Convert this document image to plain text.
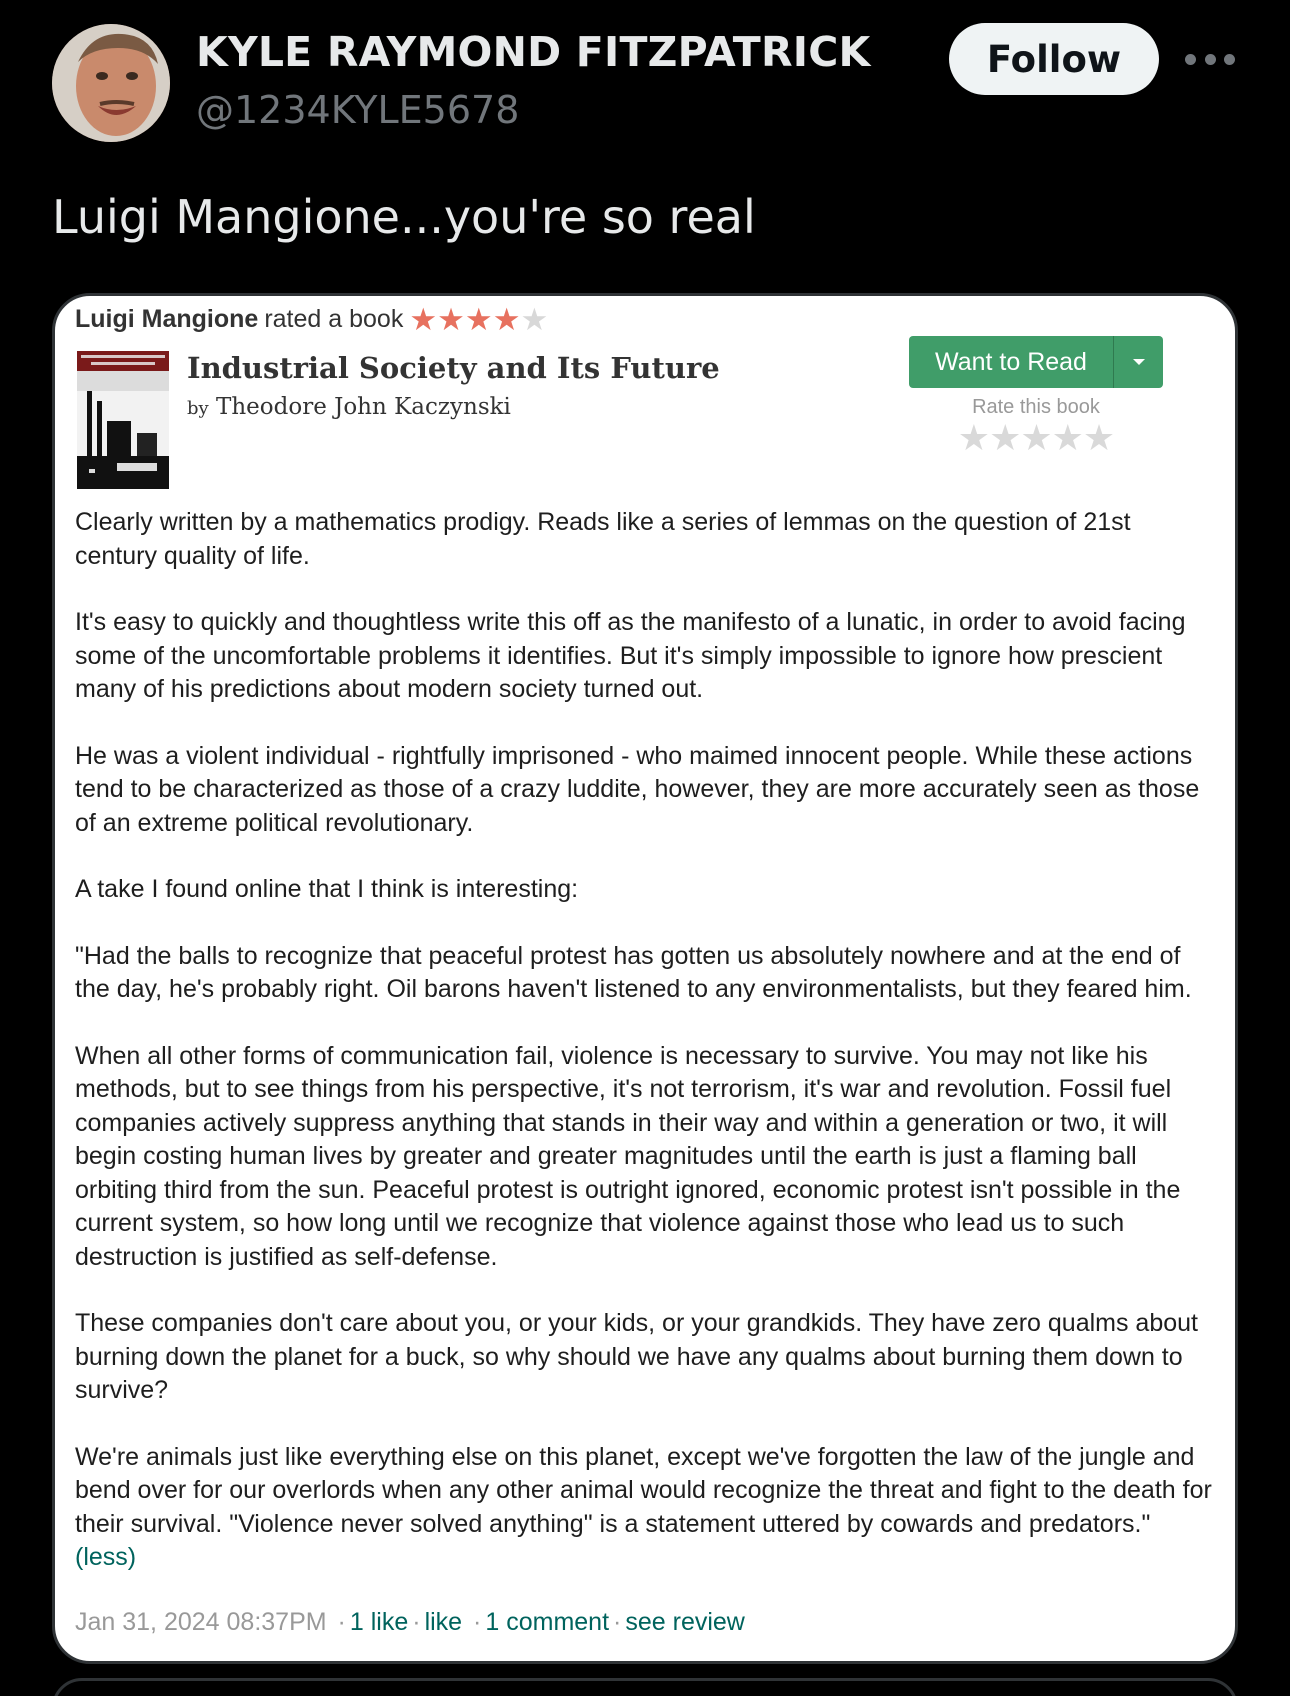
KYLE RAYMOND FITZPATRICK
@1234KYLE5678
Follow
Luigi Mangione...you're so real
Luigi Mangione rated a book ★ ★ ★ ★ ★
Industrial Society and Its Future
by Theodore John Kaczynski
Want to Read
Rate this book
★★★★★

Clearly written by a mathematics prodigy. Reads like a series of lemmas on the question of 21st century quality of life.

It's easy to quickly and thoughtless write this off as the manifesto of a lunatic, in order to avoid facing some of the uncomfortable problems it identifies. But it's simply impossible to ignore how prescient many of his predictions about modern society turned out.

He was a violent individual - rightfully imprisoned - who maimed innocent people. While these actions tend to be characterized as those of a crazy luddite, however, they are more accurately seen as those of an extreme political revolutionary.

A take I found online that I think is interesting:

"Had the balls to recognize that peaceful protest has gotten us absolutely nowhere and at the end of the day, he's probably right. Oil barons haven't listened to any environmentalists, but they feared him.

When all other forms of communication fail, violence is necessary to survive. You may not like his methods, but to see things from his perspective, it's not terrorism, it's war and revolution. Fossil fuel companies actively suppress anything that stands in their way and within a generation or two, it will begin costing human lives by greater and greater magnitudes until the earth is just a flaming ball orbiting third from the sun. Peaceful protest is outright ignored, economic protest isn't possible in the current system, so how long until we recognize that violence against those who lead us to such destruction is justified as self-defense.

These companies don't care about you, or your kids, or your grandkids. They have zero qualms about burning down the planet for a buck, so why should we have any qualms about burning them down to survive?

We're animals just like everything else on this planet, except we've forgotten the law of the jungle and bend over for our overlords when any other animal would recognize the threat and fight to the death for their survival. "Violence never solved anything" is a statement uttered by cowards and predators." (less)

Jan 31, 2024 08:37PM · 1 like · like · 1 comment · see review
